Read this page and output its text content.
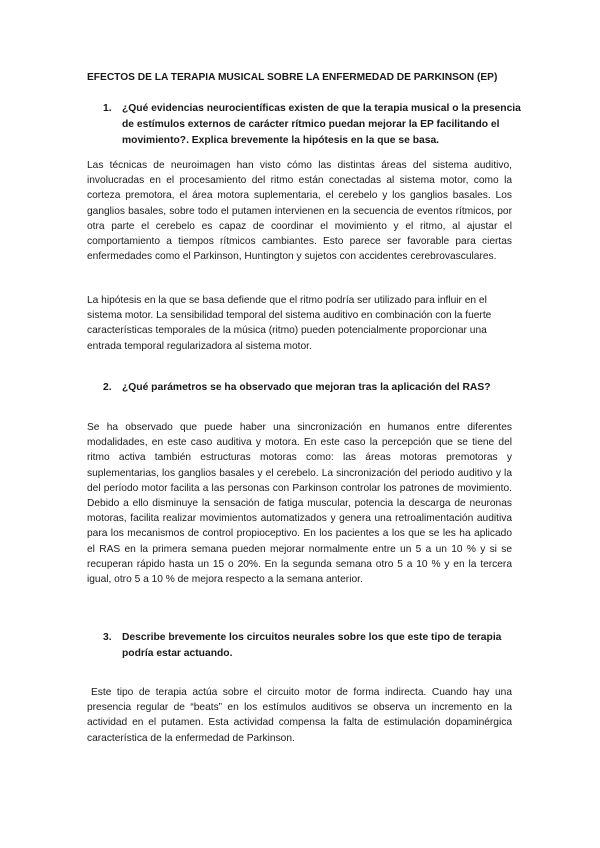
EFECTOS DE LA TERAPIA MUSICAL SOBRE LA ENFERMEDAD DE PARKINSON (EP)
1. ¿Qué evidencias neurocientíficas existen de que la terapia musical o la presencia de estímulos externos de carácter rítmico puedan mejorar la EP facilitando el movimiento?. Explica brevemente la hipótesis en la que se basa.
Las técnicas de neuroimagen han visto cómo las distintas áreas del sistema auditivo, involucradas en el procesamiento del ritmo están conectadas al sistema motor, como la corteza premotora, el área motora suplementaria, el cerebelo y los ganglios basales. Los ganglios basales, sobre todo el putamen intervienen en la secuencia de eventos rítmicos, por otra parte el cerebelo es capaz de coordinar el movimiento y el ritmo, al ajustar el comportamiento a tiempos rítmicos cambiantes. Esto parece ser favorable para ciertas enfermedades como el Parkinson, Huntington y sujetos con accidentes cerebrovasculares.
La hipótesis en la que se basa defiende que el ritmo podría ser utilizado para influir en el sistema motor. La sensibilidad temporal del sistema auditivo en combinación con la fuerte características temporales de la música (ritmo) pueden potencialmente proporcionar una entrada temporal regularizadora al sistema motor.
2. ¿Qué parámetros se ha observado que mejoran tras la aplicación del RAS?
Se ha observado que puede haber una sincronización en humanos entre diferentes modalidades, en este caso auditiva y motora. En este caso la percepción que se tiene del ritmo activa también estructuras motoras como: las áreas motoras premotoras y suplementarias, los ganglios basales y el cerebelo. La sincronización del periodo auditivo y la del período motor facilita a las personas con Parkinson controlar los patrones de movimiento. Debido a ello disminuye la sensación de fatiga muscular, potencia la descarga de neuronas motoras, facilita realizar movimientos automatizados y genera una retroalimentación auditiva para los mecanismos de control propioceptivo. En los pacientes a los que se les ha aplicado el RAS en la primera semana pueden mejorar normalmente entre un 5 a un 10 % y si se recuperan rápido hasta un 15 o 20%. En la segunda semana otro 5 a 10 % y en la tercera igual, otro 5 a 10 % de mejora respecto a la semana anterior.
3. Describe brevemente los circuitos neurales sobre los que este tipo de terapia podría estar actuando.
Este tipo de terapia actúa sobre el circuito motor de forma indirecta. Cuando hay una presencia regular de “beats” en los estímulos auditivos se observa un incremento en la actividad en el putamen. Esta actividad compensa la falta de estimulación dopaminérgica característica de la enfermedad de Parkinson.
